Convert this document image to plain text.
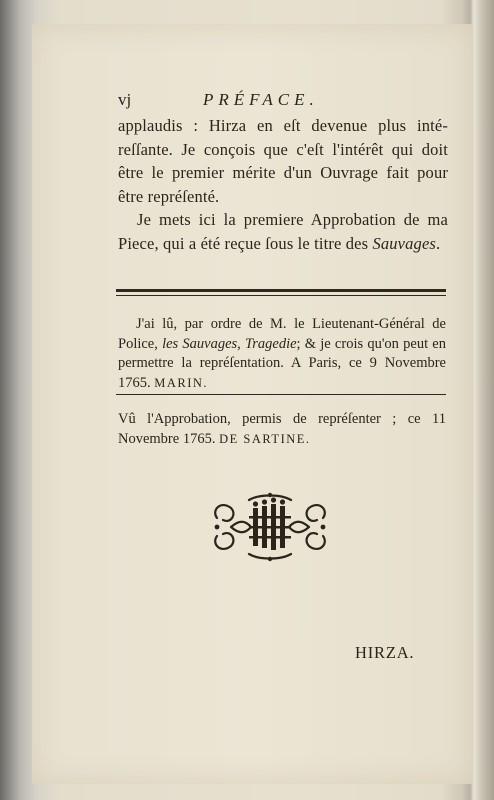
vj	PRÉFACE.

applaudis : Hirza en eſt devenue plus inté-reſſante. Je conçois que c'eſt l'intérêt qui doit être le premier mérite d'un Ouvrage fait pour être repréſenté.

Je mets ici la premiere Approbation de ma Piece, qui a été reçue ſous le titre des Sauvages.

J'ai lû, par ordre de M. le Lieutenant-Général de Police, les Sauvages, Tragedie; & je crois qu'on peut en permettre la repréſentation. A Paris, ce 9 Novembre 1765. MARIN.
Vû l'Approbation, permis de repréſenter ; ce 11 Novembre 1765. DE SARTINE.
HIRZA.
